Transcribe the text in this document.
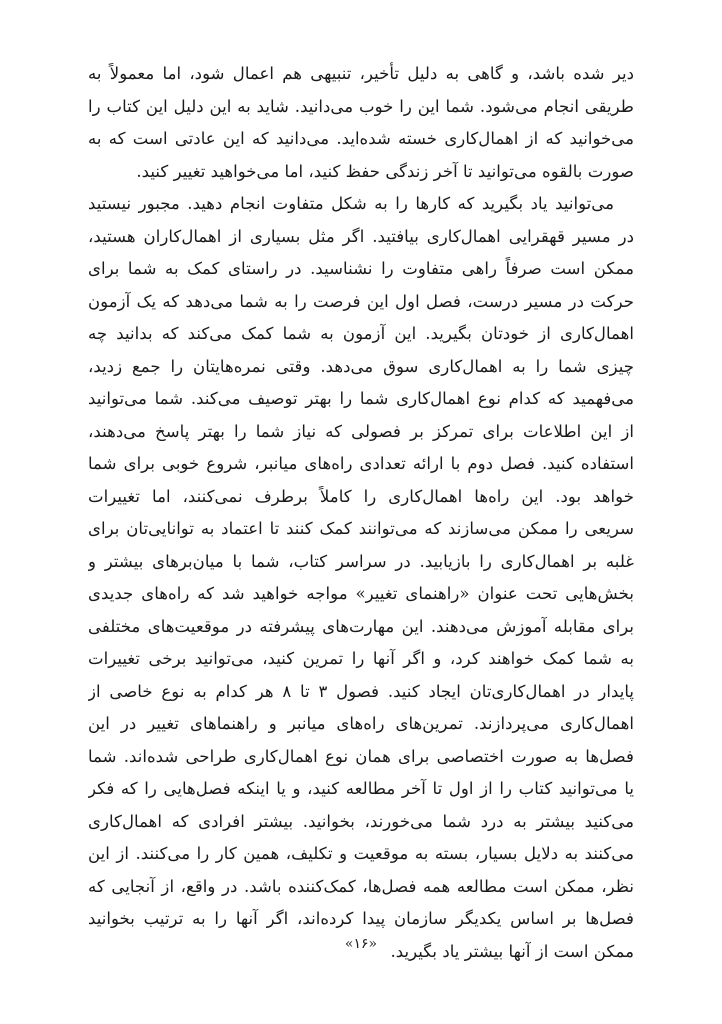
دیر شده باشد، و گاهی به دلیل تأخیر، تنبیهی هم اعمال شود، اما معمولاً به
طریقی انجام می‌شود. شما این را خوب می‌دانید. شاید به این دلیل این کتاب را
می‌خوانید که از اهمال‌کاری خسته شده‌اید. می‌دانید که این عادتی است که به
صورت بالقوه می‌توانید تا آخر زندگی حفظ کنید، اما می‌خواهید تغییر کنید.
می‌توانید یاد بگیرید که کارها را به شکل متفاوت انجام دهید. مجبور نیستید
در مسیر قهقرایی اهمال‌کاری بیافتید. اگر مثل بسیاری از اهمال‌کاران هستید،
ممکن است صرفاً راهی متفاوت را نشناسید. در راستای کمک به شما برای
حرکت در مسیر درست، فصل اول این فرصت را به شما می‌دهد که یک آزمون
اهمال‌کاری از خودتان بگیرید. این آزمون به شما کمک می‌کند که بدانید چه
چیزی شما را به اهمال‌کاری سوق می‌دهد. وقتی نمره‌هایتان را جمع زدید،
می‌فهمید که کدام نوع اهمال‌کاری شما را بهتر توصیف می‌کند. شما می‌توانید
از این اطلاعات برای تمرکز بر فصولی که نیاز شما را بهتر پاسخ می‌دهند،
استفاده کنید. فصل دوم با ارائه تعدادی راه‌های میانبر، شروع خوبی برای شما
خواهد بود. این راه‌ها اهمال‌کاری را کاملاً برطرف نمی‌کنند، اما تغییرات
سریعی را ممکن می‌سازند که می‌توانند کمک کنند تا اعتماد به توانایی‌تان برای
غلبه بر اهمال‌کاری را بازیابید. در سراسر کتاب، شما با میان‌برهای بیشتر و
بخش‌هایی تحت عنوان «راهنمای تغییر» مواجه خواهید شد که راه‌های جدیدی
برای مقابله آموزش می‌دهند. این مهارت‌های پیشرفته در موقعیت‌های مختلفی
به شما کمک خواهند کرد، و اگر آنها را تمرین کنید، می‌توانید برخی تغییرات
پایدار در اهمال‌کاری‌تان ایجاد کنید. فصول ۳ تا ۸ هر کدام به نوع خاصی از
اهمال‌کاری می‌پردازند. تمرین‌های راه‌های میانبر و راهنماهای تغییر در این
فصل‌ها به صورت اختصاصی برای همان نوع اهمال‌کاری طراحی شده‌اند. شما
یا می‌توانید کتاب را از اول تا آخر مطالعه کنید، و یا اینکه فصل‌هایی را که فکر
می‌کنید بیشتر به درد شما می‌خورند، بخوانید. بیشتر افرادی که اهمال‌کاری
می‌کنند به دلایل بسیار، بسته به موقعیت و تکلیف، همین کار را می‌کنند. از این
نظر، ممکن است مطالعه همه فصل‌ها، کمک‌کننده باشد. در واقع، از آنجایی که
فصل‌ها بر اساس یکدیگر سازمان پیدا کرده‌اند، اگر آنها را به ترتیب بخوانید
ممکن است از آنها بیشتر یاد بگیرید.
«۱۶»
